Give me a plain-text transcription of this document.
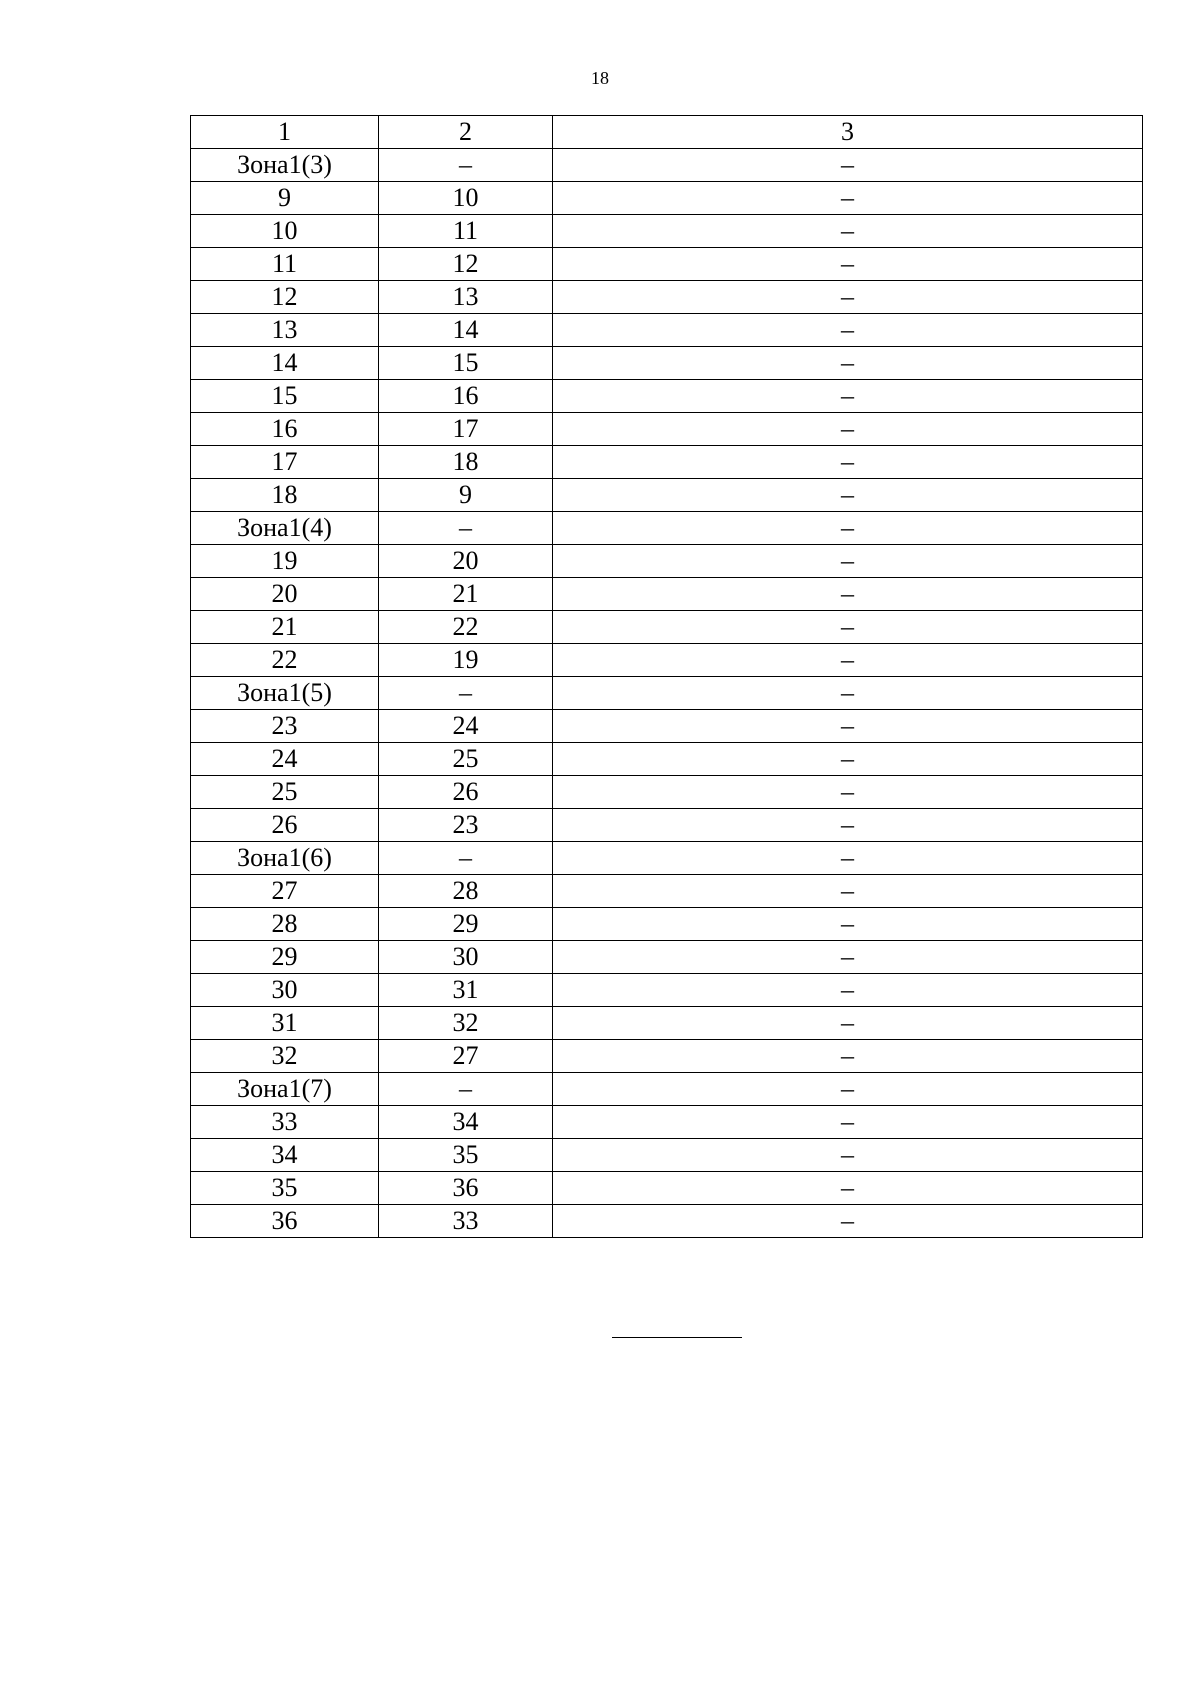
18
1	2	3
Зона1(3)	–	–
9	10	–
10	11	–
11	12	–
12	13	–
13	14	–
14	15	–
15	16	–
16	17	–
17	18	–
18	9	–
Зона1(4)	–	–
19	20	–
20	21	–
21	22	–
22	19	–
Зона1(5)	–	–
23	24	–
24	25	–
25	26	–
26	23	–
Зона1(6)	–	–
27	28	–
28	29	–
29	30	–
30	31	–
31	32	–
32	27	–
Зона1(7)	–	–
33	34	–
34	35	–
35	36	–
36	33	–
